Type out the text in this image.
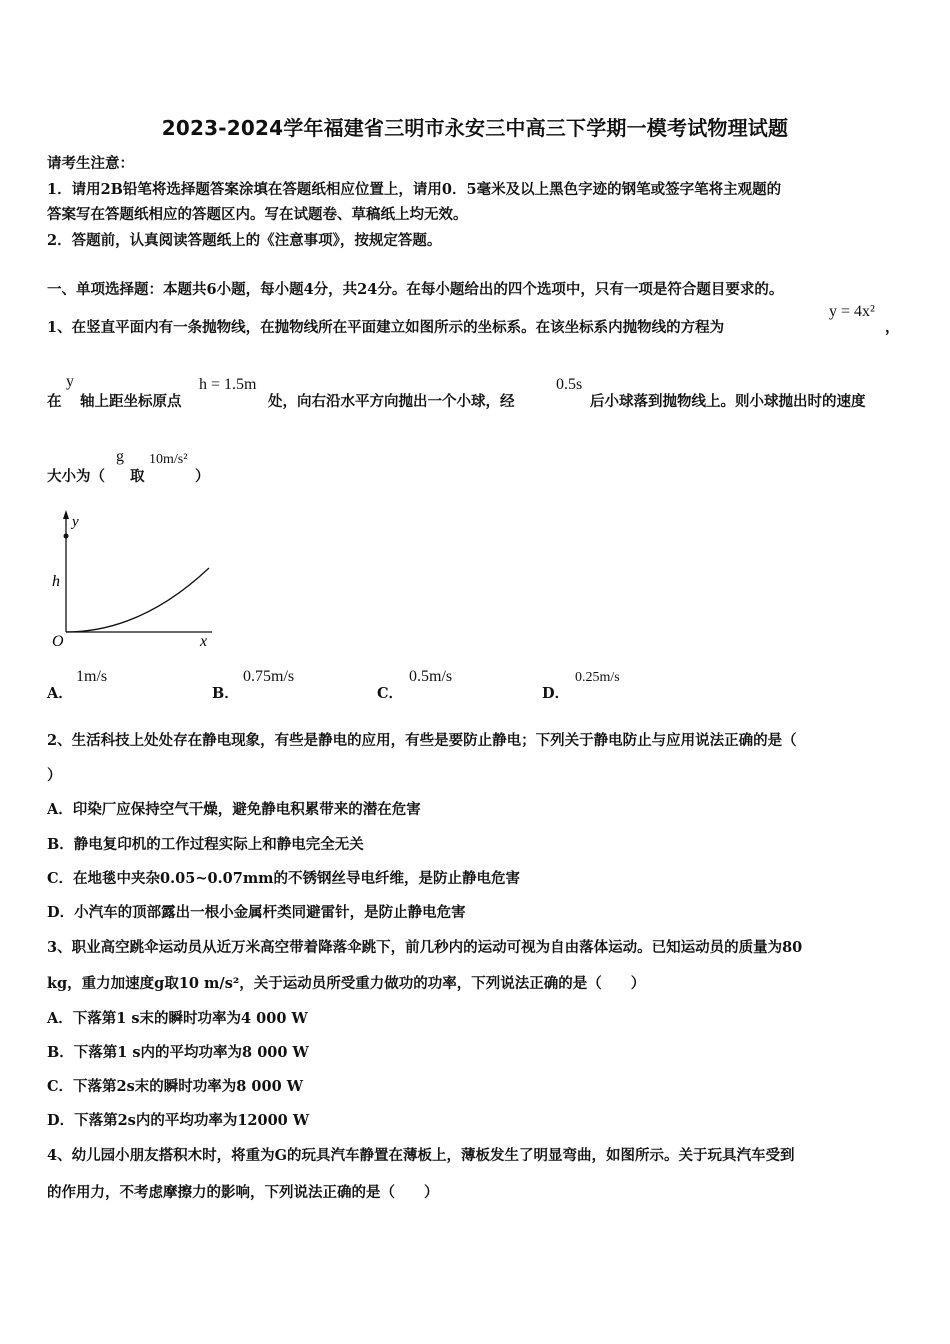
2023-2024学年福建省三明市永安三中高三下学期一模考试物理试题
请考生注意：
1．请用2B铅笔将选择题答案涂填在答题纸相应位置上，请用0．5毫米及以上黑色字迹的钢笔或签字笔将主观题的
答案写在答题纸相应的答题区内。写在试题卷、草稿纸上均无效。
2．答题前，认真阅读答题纸上的《注意事项》，按规定答题。
一、单项选择题：本题共6小题，每小题4分，共24分。在每小题给出的四个选项中，只有一项是符合题目要求的。
1、在竖直平面内有一条抛物线，在抛物线所在平面建立如图所示的坐标系。在该坐标系内抛物线的方程为
y = 4x²
，
在
y
轴上距坐标原点
h = 1.5m
处，向右沿水平方向抛出一个小球，经
0.5s
后小球落到抛物线上。则小球抛出时的速度
大小为（
g
取
10m/s²
）
y
h
O	x
A．
1m/s
B．
0.75m/s
C．
0.5m/s
D．
0.25m/s
2、生活科技上处处存在静电现象，有些是静电的应用，有些是要防止静电；下列关于静电防止与应用说法正确的是（
）
A．印染厂应保持空气干燥，避免静电积累带来的潜在危害
B．静电复印机的工作过程实际上和静电完全无关
C．在地毯中夹杂0.05~0.07mm的不锈钢丝导电纤维，是防止静电危害
D．小汽车的顶部露出一根小金属杆类同避雷针，是防止静电危害
3、职业高空跳伞运动员从近万米高空带着降落伞跳下，前几秒内的运动可视为自由落体运动。已知运动员的质量为80
kg，重力加速度g取10 m/s²，关于运动员所受重力做功的功率，下列说法正确的是（　　）
A．下落第1 s末的瞬时功率为4 000 W
B．下落第1 s内的平均功率为8 000 W
C．下落第2s末的瞬时功率为8 000 W
D．下落第2s内的平均功率为12000 W
4、幼儿园小朋友搭积木时，将重为G的玩具汽车静置在薄板上，薄板发生了明显弯曲，如图所示。关于玩具汽车受到
的作用力，不考虑摩擦力的影响，下列说法正确的是（　　）
